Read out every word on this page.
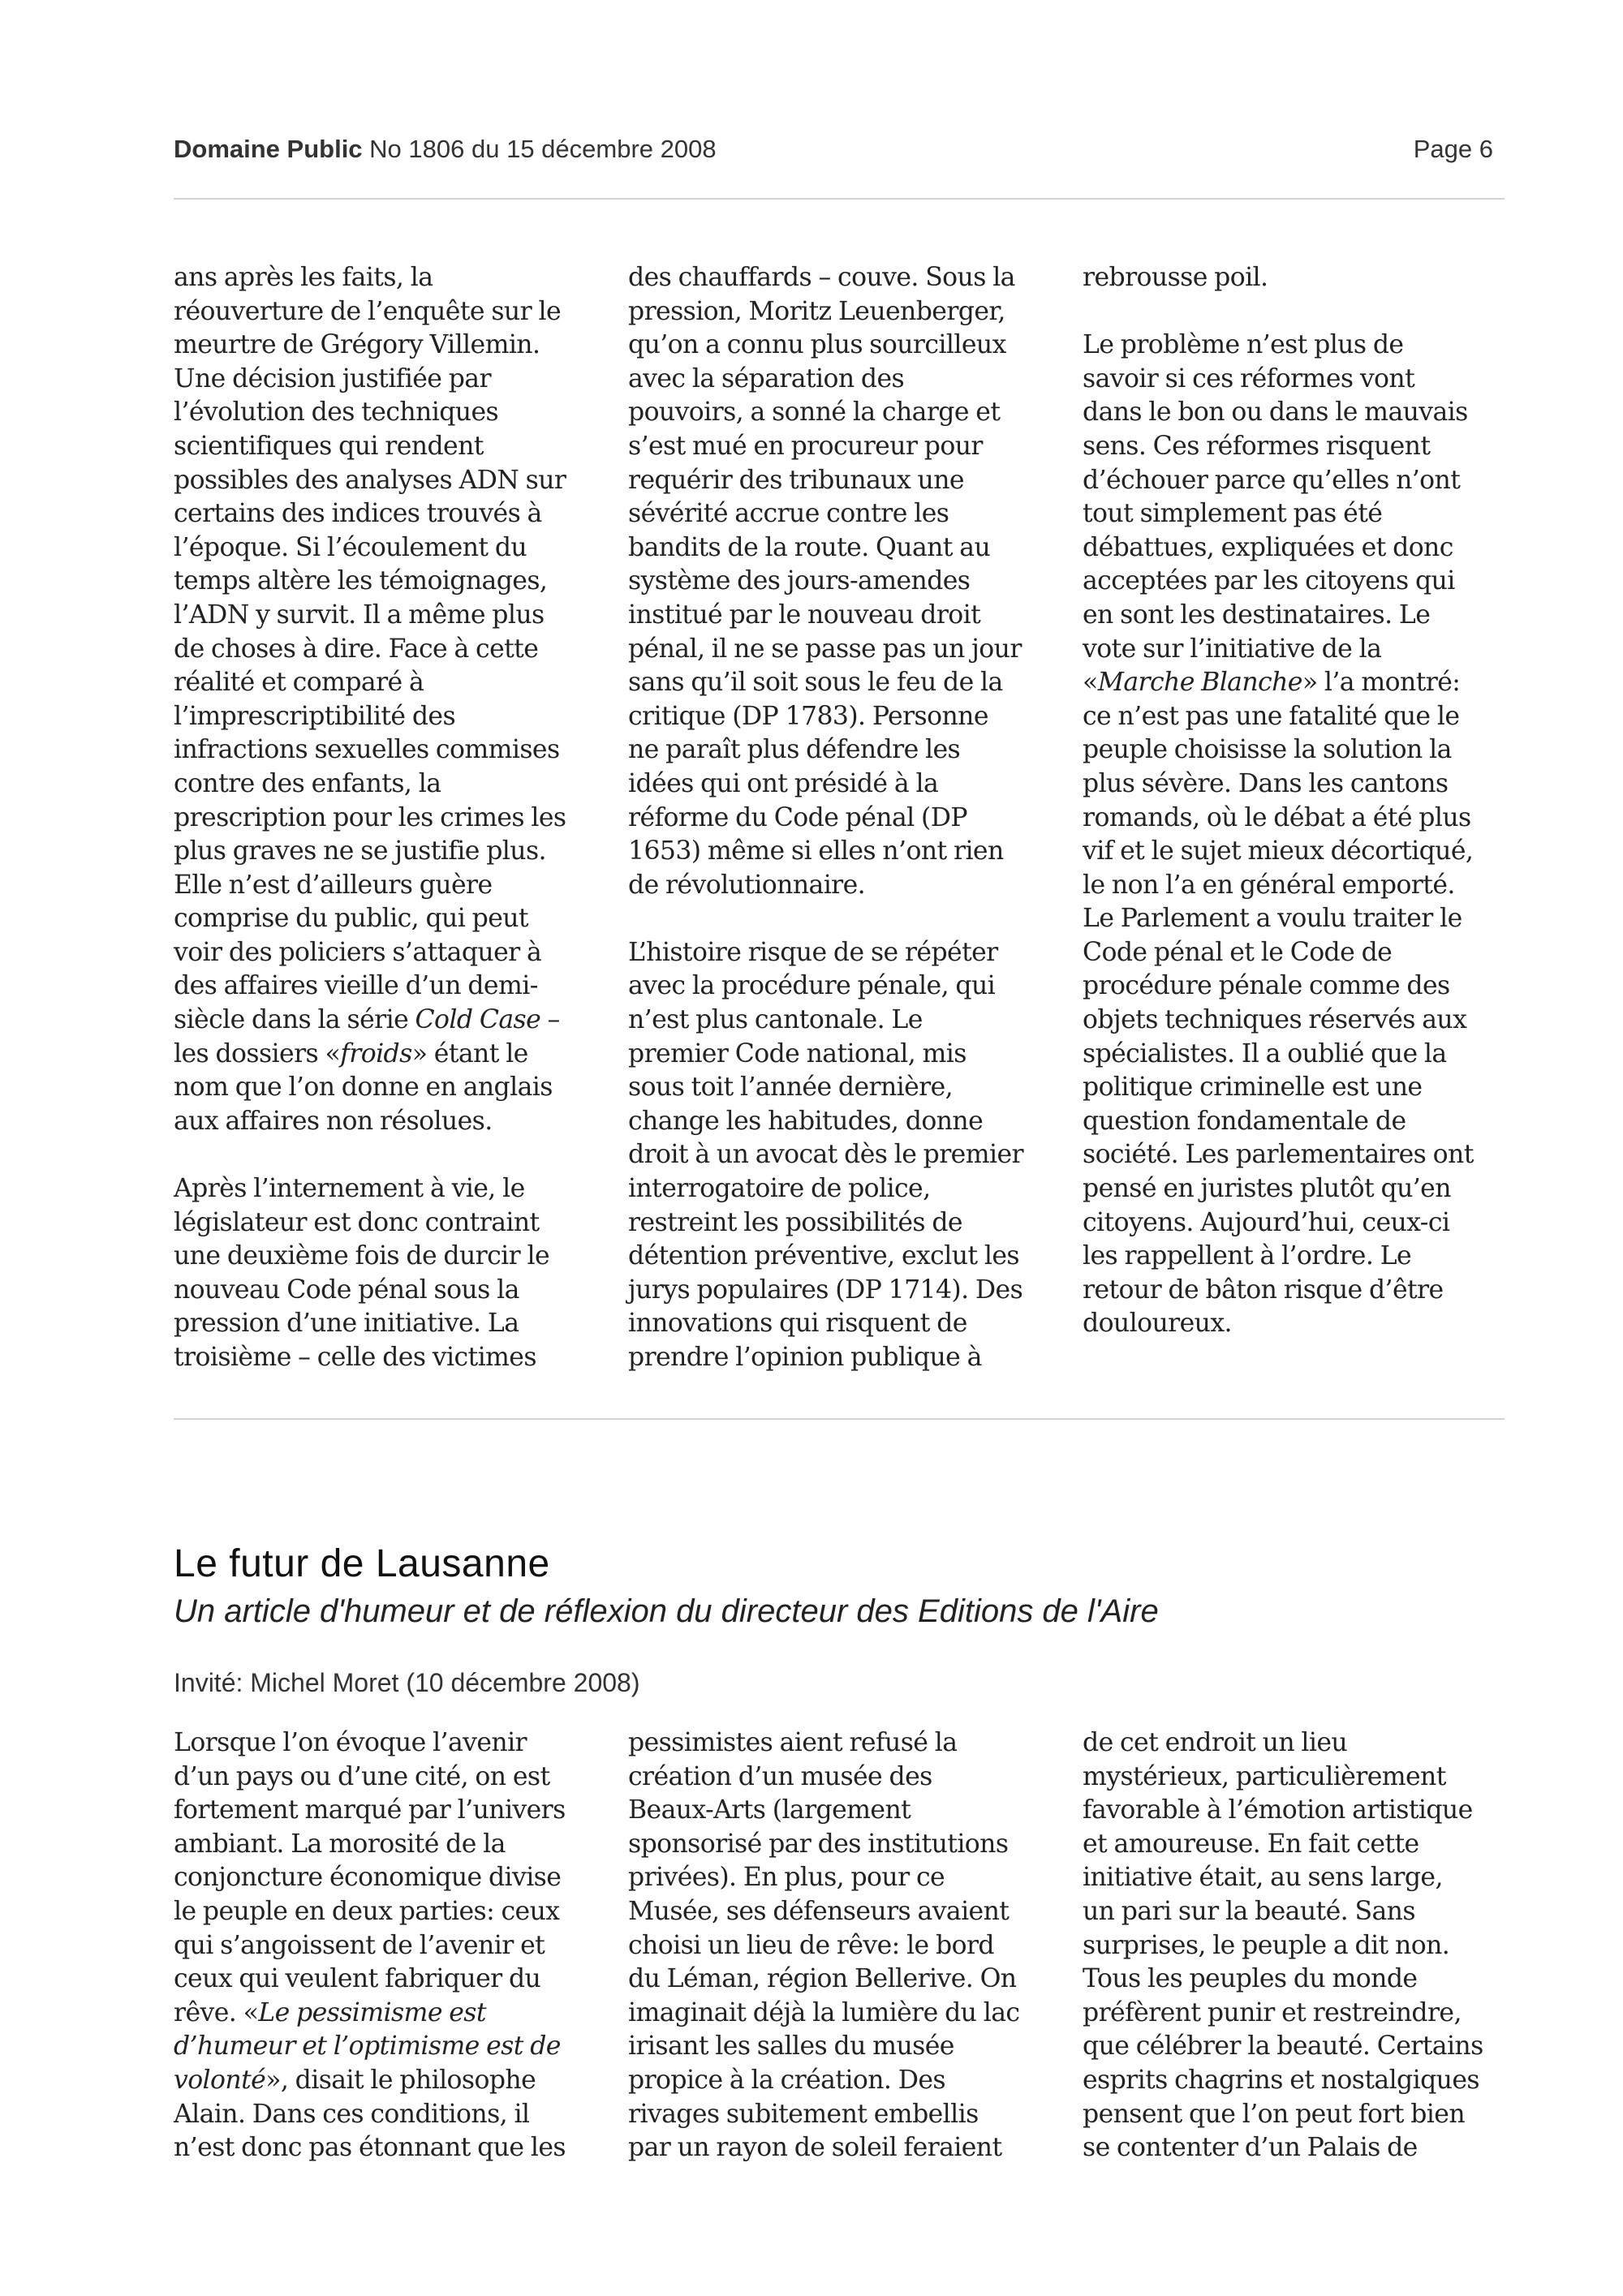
Domaine Public No 1806 du 15 décembre 2008	Page 6

ans après les faits, la
réouverture de l’enquête sur le
meurtre de Grégory Villemin.
Une décision justifiée par
l’évolution des techniques
scientifiques qui rendent
possibles des analyses ADN sur
certains des indices trouvés à
l’époque. Si l’écoulement du
temps altère les témoignages,
l’ADN y survit. Il a même plus
de choses à dire. Face à cette
réalité et comparé à
l’imprescriptibilité des
infractions sexuelles commises
contre des enfants, la
prescription pour les crimes les
plus graves ne se justifie plus.
Elle n’est d’ailleurs guère
comprise du public, qui peut
voir des policiers s’attaquer à
des affaires vieille d’un demi-
siècle dans la série Cold Case –
les dossiers «froids» étant le
nom que l’on donne en anglais
aux affaires non résolues.

Après l’internement à vie, le
législateur est donc contraint
une deuxième fois de durcir le
nouveau Code pénal sous la
pression d’une initiative. La
troisième – celle des victimes

des chauffards – couve. Sous la
pression, Moritz Leuenberger,
qu’on a connu plus sourcilleux
avec la séparation des
pouvoirs, a sonné la charge et
s’est mué en procureur pour
requérir des tribunaux une
sévérité accrue contre les
bandits de la route. Quant au
système des jours-amendes
institué par le nouveau droit
pénal, il ne se passe pas un jour
sans qu’il soit sous le feu de la
critique (DP 1783). Personne
ne paraît plus défendre les
idées qui ont présidé à la
réforme du Code pénal (DP
1653) même si elles n’ont rien
de révolutionnaire.

L’histoire risque de se répéter
avec la procédure pénale, qui
n’est plus cantonale. Le
premier Code national, mis
sous toit l’année dernière,
change les habitudes, donne
droit à un avocat dès le premier
interrogatoire de police,
restreint les possibilités de
détention préventive, exclut les
jurys populaires (DP 1714). Des
innovations qui risquent de
prendre l’opinion publique à

rebrousse poil.

Le problème n’est plus de
savoir si ces réformes vont
dans le bon ou dans le mauvais
sens. Ces réformes risquent
d’échouer parce qu’elles n’ont
tout simplement pas été
débattues, expliquées et donc
acceptées par les citoyens qui
en sont les destinataires. Le
vote sur l’initiative de la
«Marche Blanche» l’a montré:
ce n’est pas une fatalité que le
peuple choisisse la solution la
plus sévère. Dans les cantons
romands, où le débat a été plus
vif et le sujet mieux décortiqué,
le non l’a en général emporté.
Le Parlement a voulu traiter le
Code pénal et le Code de
procédure pénale comme des
objets techniques réservés aux
spécialistes. Il a oublié que la
politique criminelle est une
question fondamentale de
société. Les parlementaires ont
pensé en juristes plutôt qu’en
citoyens. Aujourd’hui, ceux-ci
les rappellent à l’ordre. Le
retour de bâton risque d’être
douloureux.

Le futur de Lausanne
Un article d'humeur et de réflexion du directeur des Editions de l'Aire
Invité: Michel Moret (10 décembre 2008)

Lorsque l’on évoque l’avenir
d’un pays ou d’une cité, on est
fortement marqué par l’univers
ambiant. La morosité de la
conjoncture économique divise
le peuple en deux parties: ceux
qui s’angoissent de l’avenir et
ceux qui veulent fabriquer du
rêve. «Le pessimisme est
d’humeur et l’optimisme est de
volonté», disait le philosophe
Alain. Dans ces conditions, il
n’est donc pas étonnant que les

pessimistes aient refusé la
création d’un musée des
Beaux-Arts (largement
sponsorisé par des institutions
privées). En plus, pour ce
Musée, ses défenseurs avaient
choisi un lieu de rêve: le bord
du Léman, région Bellerive. On
imaginait déjà la lumière du lac
irisant les salles du musée
propice à la création. Des
rivages subitement embellis
par un rayon de soleil feraient

de cet endroit un lieu
mystérieux, particulièrement
favorable à l’émotion artistique
et amoureuse. En fait cette
initiative était, au sens large,
un pari sur la beauté. Sans
surprises, le peuple a dit non.
Tous les peuples du monde
préfèrent punir et restreindre,
que célébrer la beauté. Certains
esprits chagrins et nostalgiques
pensent que l’on peut fort bien
se contenter d’un Palais de
